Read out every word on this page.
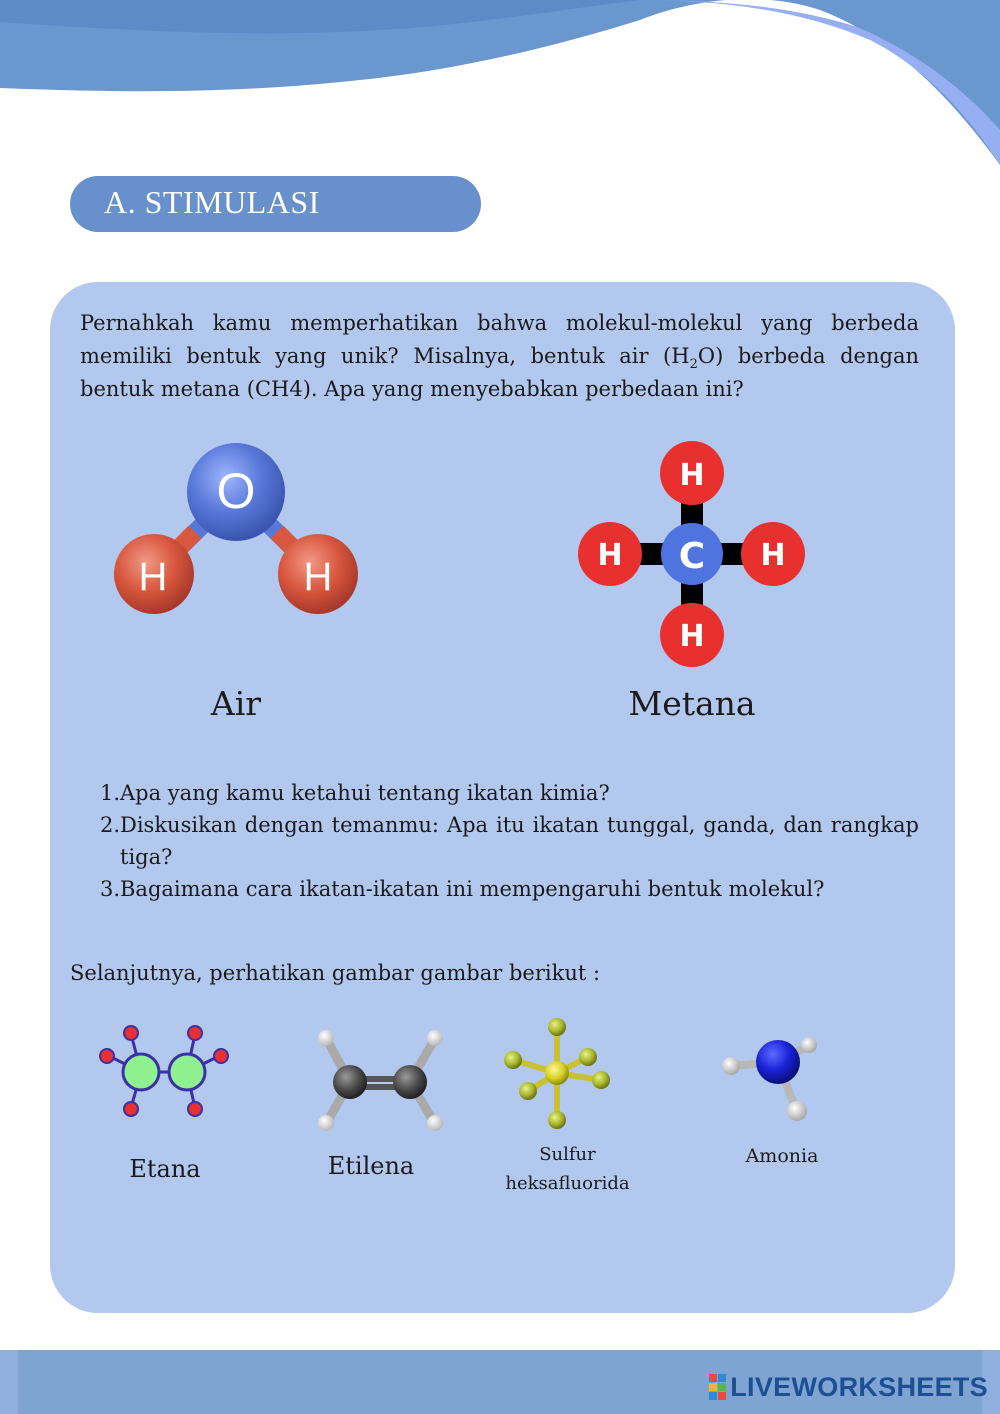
A. STIMULASI

Pernahkah kamu memperhatikan bahwa molekul-molekul yang berbeda memiliki bentuk yang unik? Misalnya, bentuk air $(H_2O)$ berbeda dengan bentuk metana (CH4). Apa yang menyebabkan perbedaan ini?

O
H	H
Air
C
H
H
H	H
Metana
1. Apa yang kamu ketahui tentang ikatan kimia?
2. Diskusikan dengan temanmu: Apa itu ikatan tunggal, ganda, dan rangkap tiga?
3. Bagaimana cara ikatan-ikatan ini mempengaruhi bentuk molekul?
Selanjutnya, perhatikan gambar gambar berikut :
Etana	Etilena	Sulfur
heksafluorida
Amonia
LIVEWORKSHEETS
